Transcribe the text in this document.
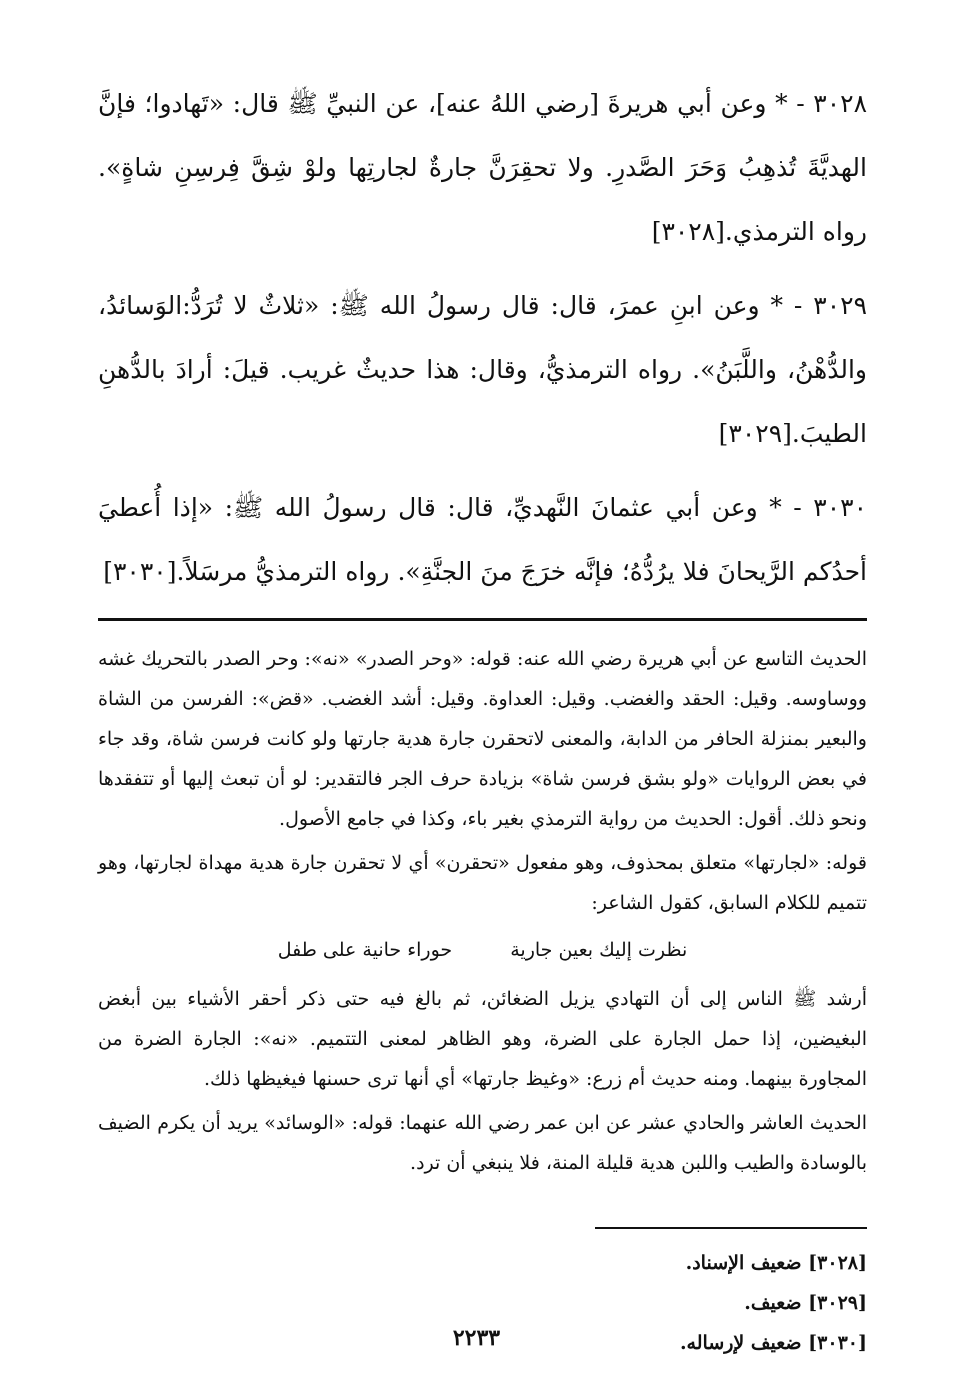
٣٠٢٨ - * وعن أبي هريرةَ [رضي اللهُ عنه]، عن النبيِّ ﷺ قال: «تَهادوا؛ فإنَّ الهديَّةَ تُذهِبُ وَحَرَ الصَّدرِ. ولا تحقِرَنَّ جارةٌ لجارتِها ولوْ شِقَّ فِرسِنِ شاةٍ». رواه الترمذي.[٣٠٢٨]

٣٠٢٩ - * وعن ابنِ عمرَ، قال: قال رسولُ الله ﷺ: «ثلاثٌ لا تُرَدُّ:الوَسائدُ، والدُّهْنُ، واللَّبَنُ». رواه الترمذيُّ، وقال: هذا حديثٌ غريب. قيلَ: أرادَ بالدُّهنِ الطيبَ.[٣٠٢٩]

٣٠٣٠ - * وعن أبي عثمانَ النَّهديِّ، قال: قال رسولُ الله ﷺ: «إذا أُعطيَ أحدُكم الرَّيحانَ فلا يرُدُّهُ؛ فإنَّه خرَجَ منَ الجنَّةِ». رواه الترمذيُّ مرسَلاً.[٣٠٣٠]

الحديث التاسع عن أبي هريرة رضي الله عنه: قوله: «وحر الصدر» «نه»: وحر الصدر بالتحريك غشه ووساوسه. وقيل: الحقد والغضب. وقيل: العداوة. وقيل: أشد الغضب. «قض»: الفرسن من الشاة والبعير بمنزلة الحافر من الدابة، والمعنى لاتحقرن جارة هدية جارتها ولو كانت فرسن شاة، وقد جاء في بعض الروايات «ولو بشق فرسن شاة» بزيادة حرف الجر فالتقدير: لو أن تبعث إليها أو تتفقدها ونحو ذلك. أقول: الحديث من رواية الترمذي بغير باء، وكذا في جامع الأصول.

قوله: «لجارتها» متعلق بمحذوف، وهو مفعول «تحقرن» أي لا تحقرن جارة هدية مهداة لجارتها، وهو تتميم للكلام السابق، كقول الشاعر:

نظرت إليك بعين جارية حوراء حانية على طفل

أرشد ﷺ الناس إلى أن التهادي يزيل الضغائن، ثم بالغ فيه حتى ذكر أحقر الأشياء بين أبغض البغيضين، إذا حمل الجارة على الضرة، وهو الظاهر لمعنى التتميم. «نه»: الجارة الضرة من المجاورة بينهما. ومنه حديث أم زرع: «وغيظ جارتها» أي أنها ترى حسنها فيغيظها ذلك.

الحديث العاشر والحادي عشر عن ابن عمر رضي الله عنهما: قوله: «الوسائد» يريد أن يكرم الضيف بالوسادة والطيب واللبن هدية قليلة المنة، فلا ينبغي أن ترد.

[٣٠٢٨] ضعيف الإسناد.

[٣٠٢٩] ضعيف.

[٣٠٣٠] ضعيف لإرساله.

٢٢٣٣
